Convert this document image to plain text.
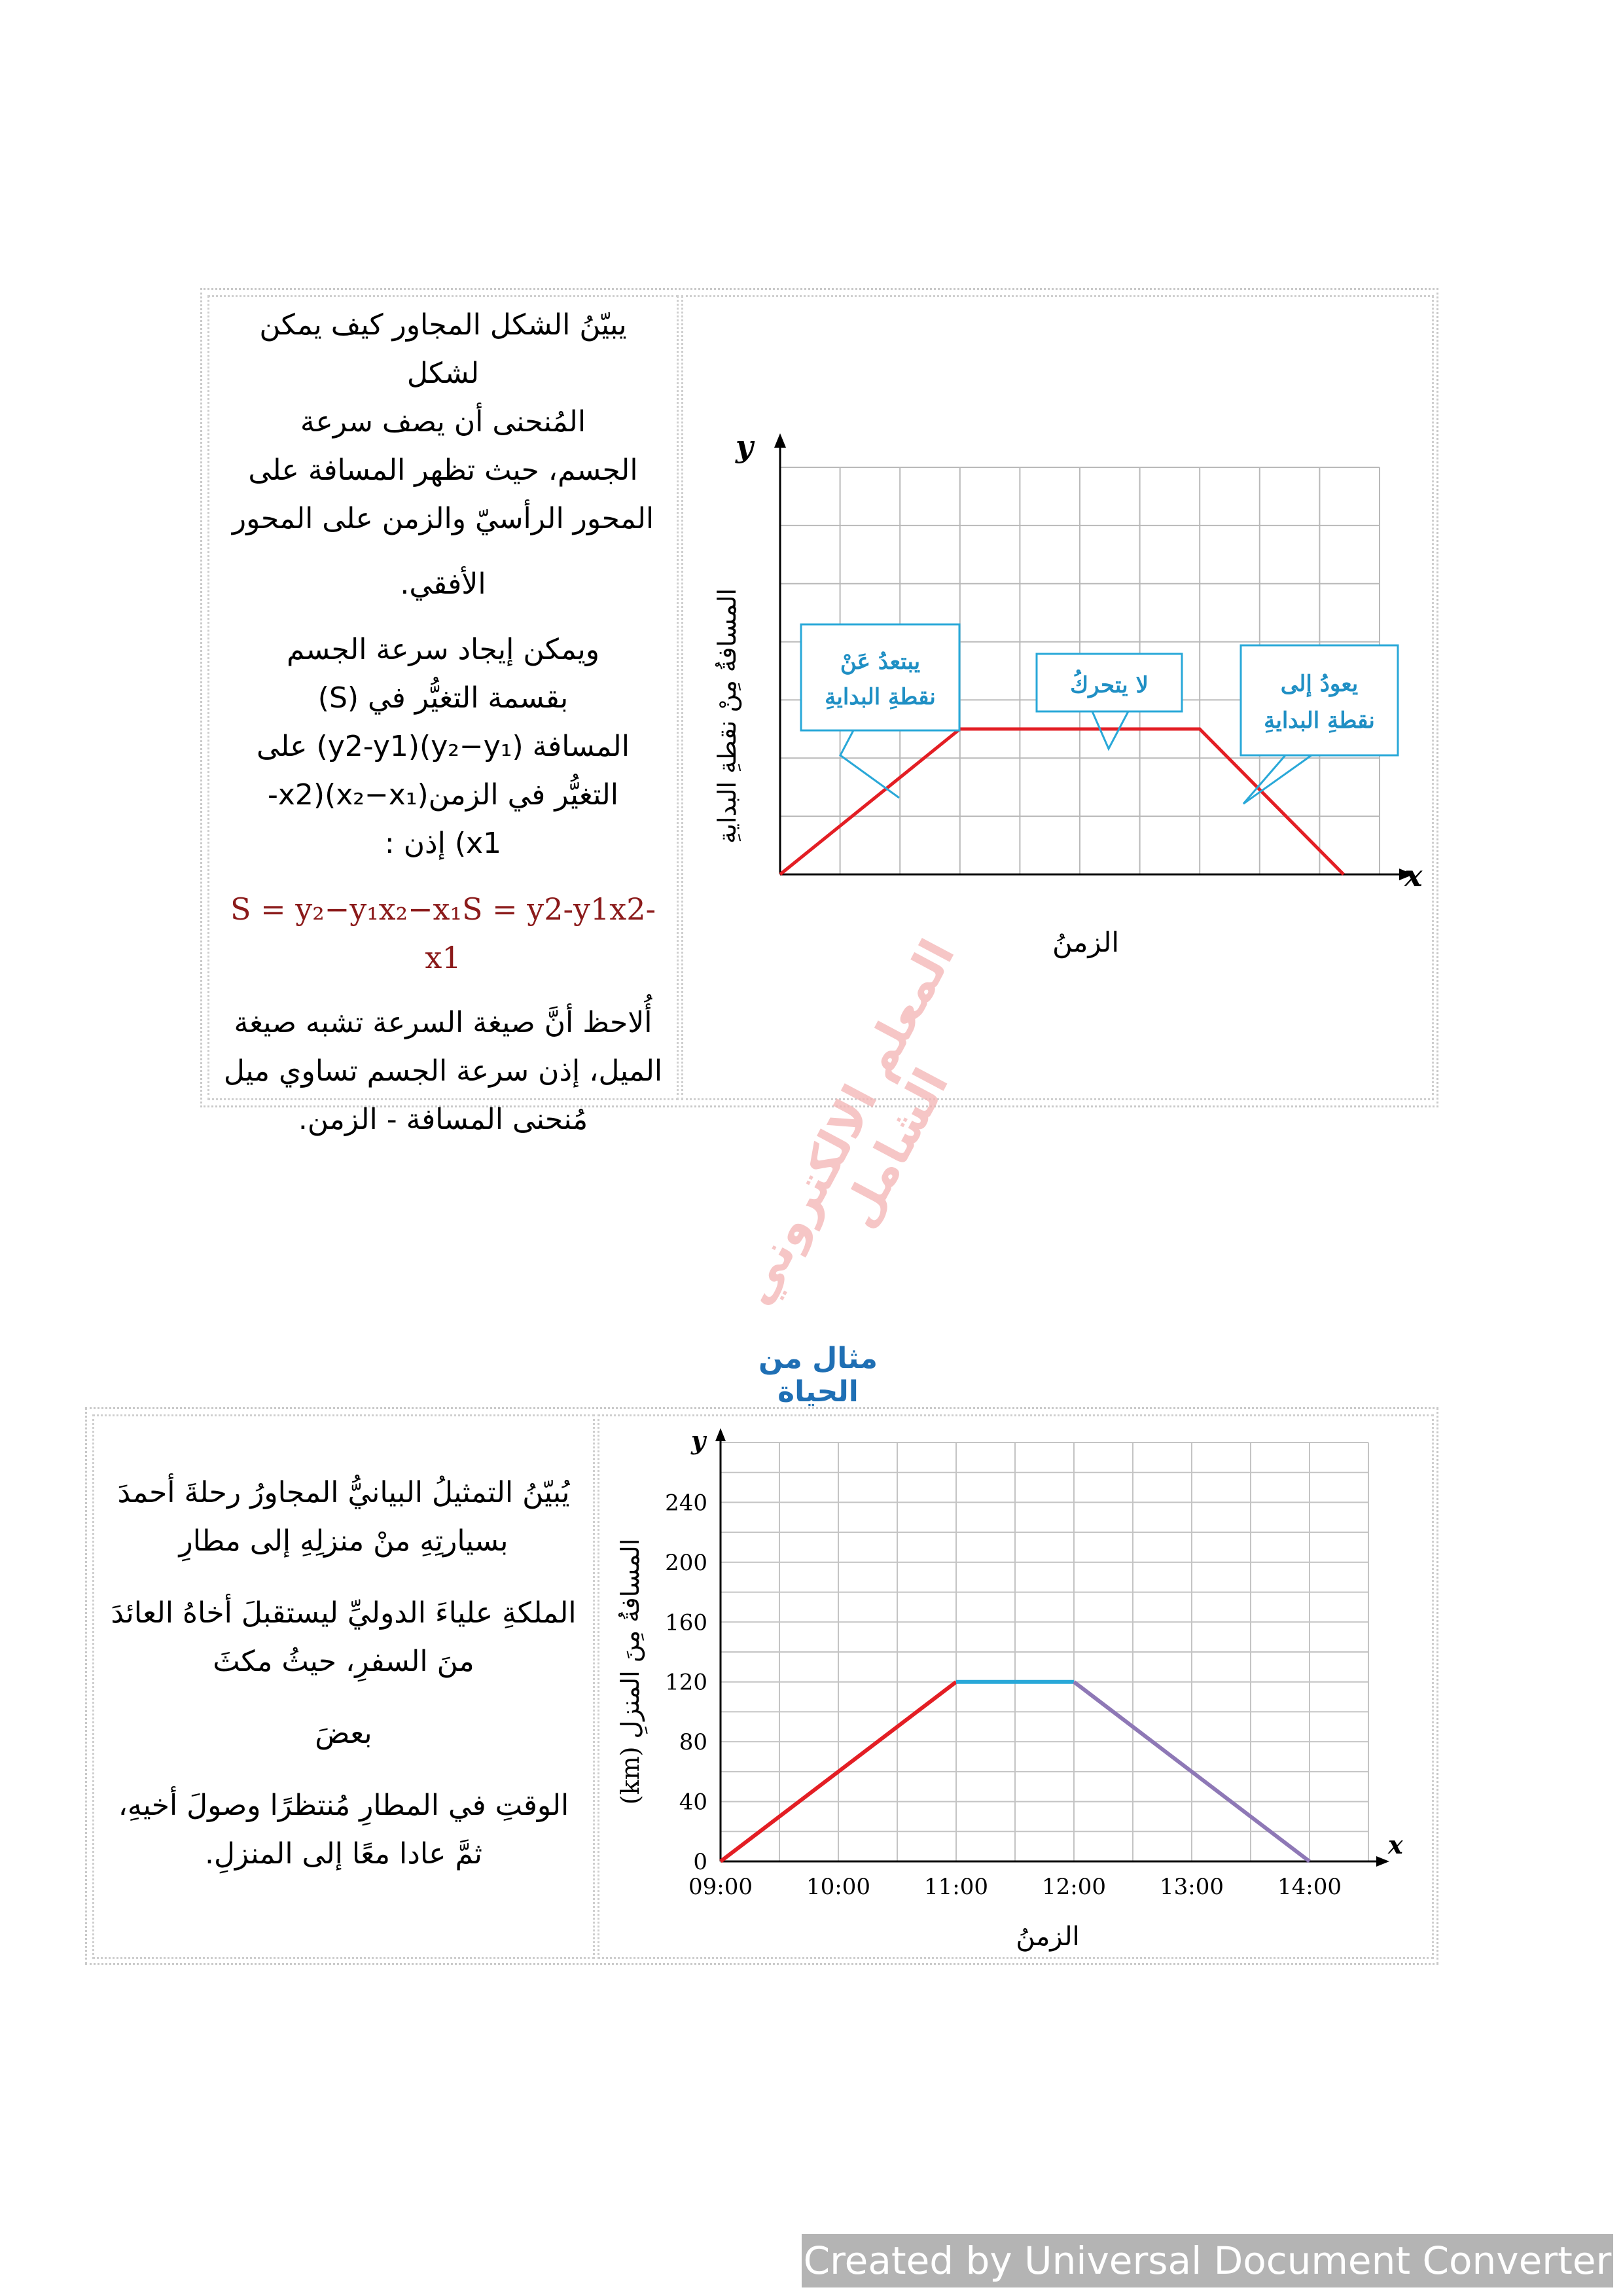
يبيّنُ الشكل المجاور كيف يمكن لشكل

المُنحنى أن يصف سرعة

الجسم، حيث تظهر المسافة على

المحور الرأسيّ والزمن على المحور

الأفقي.

ويمكن إيجاد سرعة الجسم

بقسمة التغيُّر في (S)

المسافة (y₂−y₁)(y2-y1) على

التغيُّر في الزمن(x₂−x₁)(x2-

x1) إذن :

S = y₂−y₁x₂−x₁S = y2-y1x2-x1

أُلاحظ أنَّ صيغة السرعة تشبه صيغة

الميل، إذن سرعة الجسم تساوي ميل

مُنحنى المسافة - الزمن.

y
x
الزمنُ
المسافةُ مِنْ نقطةِ البدايةِ	يبتعدُ عَنْ
نقطةِ البدايةِ	لا يتحركُ	يعودُ إلى
نقطةِ البدايةِ
المعلم الالكتروني الشامل
مثال من الحياة

يُبيّنُ التمثيلُ البيانيُّ المجاورُ رحلةَ أحمدَ

بسيارتِهِ منْ منزلِهِ إلى مطارِ

الملكةِ علياءَ الدوليِّ ليستقبلَ أخاهُ العائدَ

منَ السفرِ، حيثُ مكثَ

بعضَ

الوقتِ في المطارِ مُنتظرًا وصولَ أخيهِ،

ثمَّ عادا معًا إلى المنزلِ.	0
40
80
120
160
200
240
09:00 10:00 11:00 12:00 13:00 14:00
y
x
الزمنُ
المسافةُ مِنَ المنزلِ (km)
Created by Universal Document Converter
